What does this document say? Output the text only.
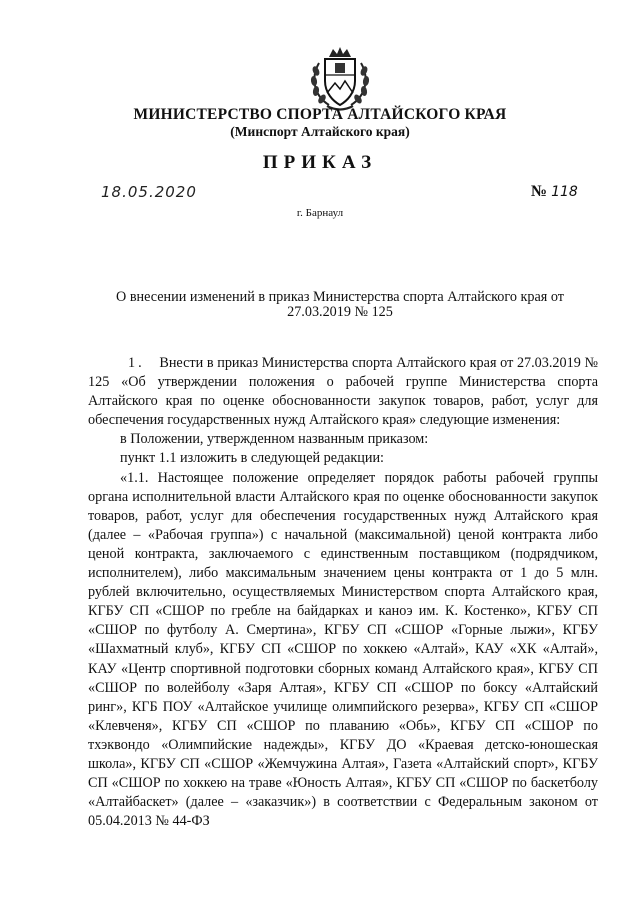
МИНИСТЕРСТВО СПОРТА АЛТАЙСКОГО КРАЯ
(Минспорт Алтайского края)
ПРИКАЗ
18.05.2020	№ 118
г. Барнаул
О внесении изменений в приказ Министерства спорта Алтайского края от 27.03.2019 № 125

1. Внести в приказ Министерства спорта Алтайского края от 27.03.2019 № 125 «Об утверждении положения о рабочей группе Министерства спорта Алтайского края по оценке обоснованности закупок товаров, работ, услуг для обеспечения государственных нужд Алтайского края» следующие изменения:

в Положении, утвержденном названным приказом:

пункт 1.1 изложить в следующей редакции:

«1.1. Настоящее положение определяет порядок работы рабочей группы органа исполнительной власти Алтайского края по оценке обоснованности закупок товаров, работ, услуг для обеспечения государственных нужд Алтайского края (далее – «Рабочая группа») с начальной (максимальной) ценой контракта либо ценой контракта, заключаемого с единственным поставщиком (подрядчиком, исполнителем), либо максимальным значением цены контракта от 1 до 5 млн. рублей включительно, осуществляемых Министерством спорта Алтайского края, КГБУ СП «СШОР по гребле на байдарках и каноэ им. К. Костенко», КГБУ СП «СШОР по футболу А. Смертина», КГБУ СП «СШОР «Горные лыжи», КГБУ «Шахматный клуб», КГБУ СП «СШОР по хоккею «Алтай», КАУ «ХК «Алтай», КАУ «Центр спортивной подготовки сборных команд Алтайского края», КГБУ СП «СШОР по волейболу «Заря Алтая», КГБУ СП «СШОР по боксу «Алтайский ринг», КГБ ПОУ «Алтайское училище олимпийского резерва», КГБУ СП «СШОР «Клевченя», КГБУ СП «СШОР по плаванию «Обь», КГБУ СП «СШОР по тхэквондо «Олимпийские надежды», КГБУ ДО «Краевая детско-юношеская школа», КГБУ СП «СШОР «Жемчужина Алтая», Газета «Алтайский спорт», КГБУ СП «СШОР по хоккею на траве «Юность Алтая», КГБУ СП «СШОР по баскетболу «Алтайбаскет» (далее – «заказчик») в соответствии с Федеральным законом от 05.04.2013 № 44-ФЗ
